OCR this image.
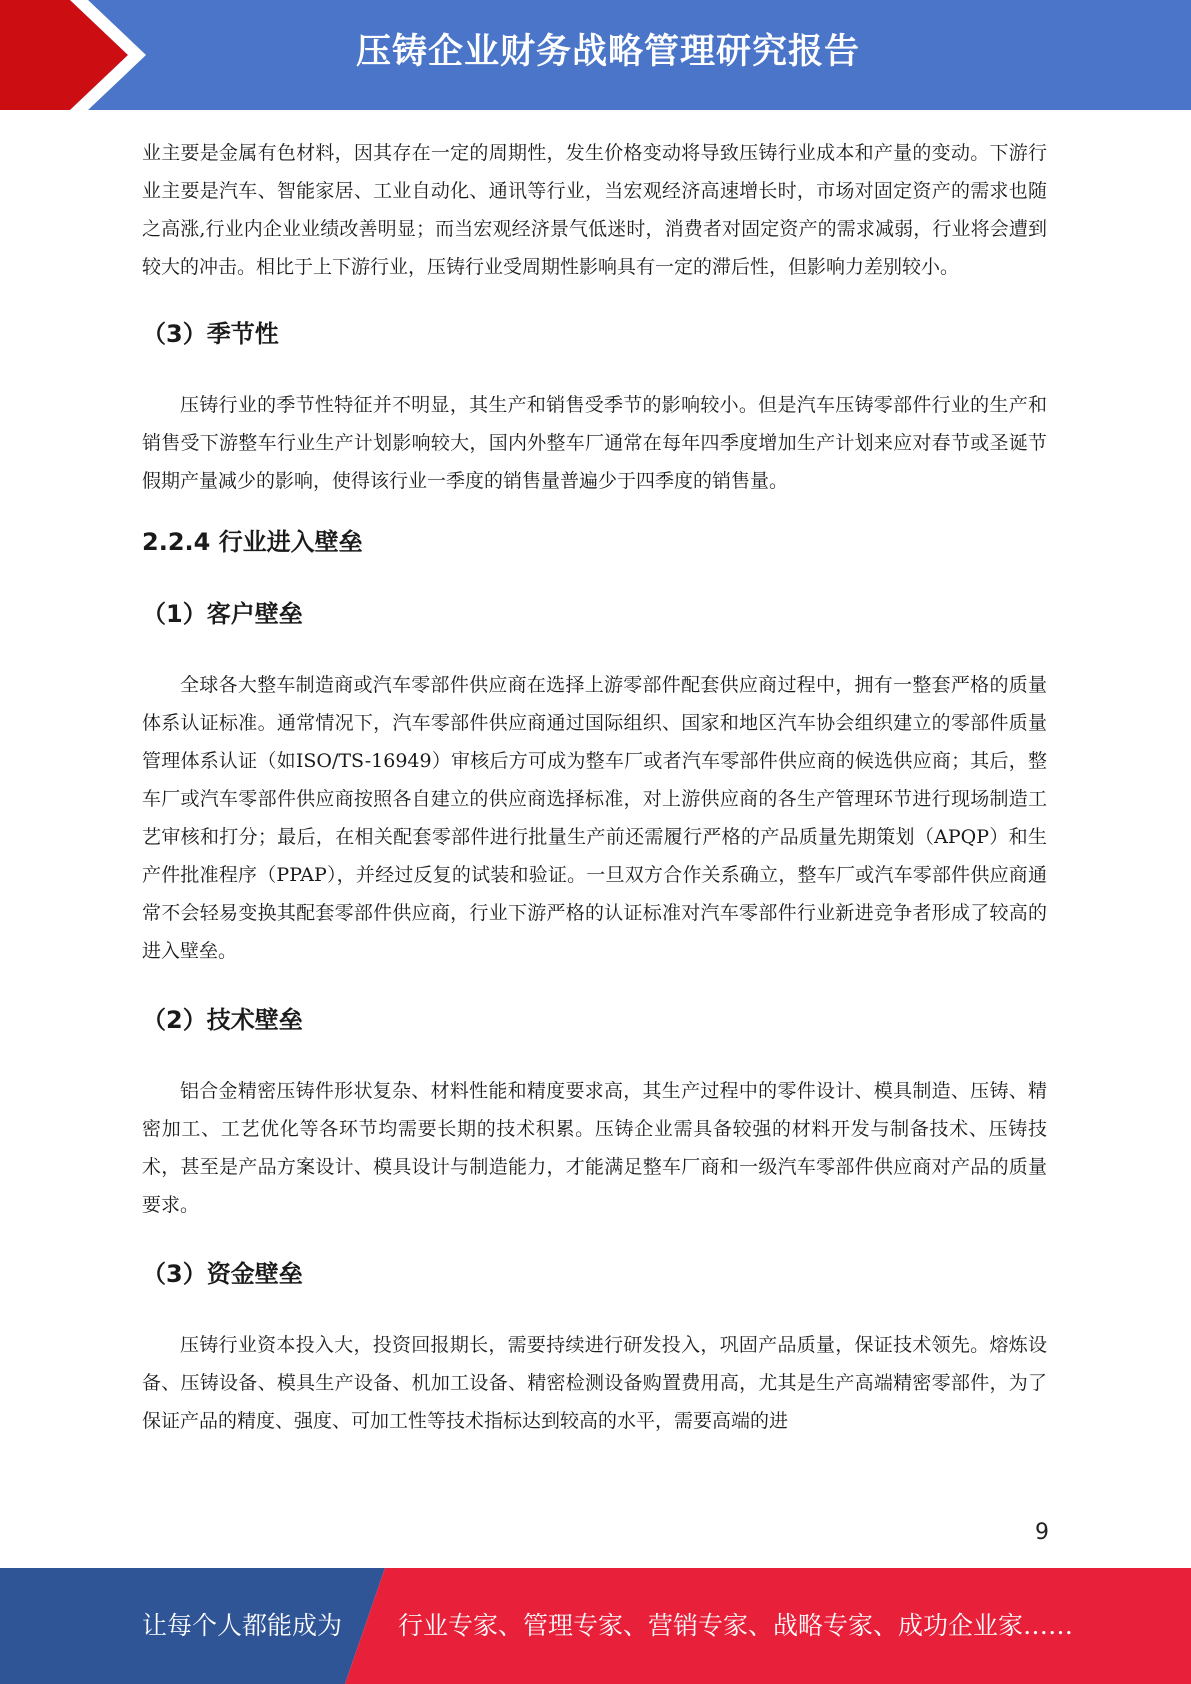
压铸企业财务战略管理研究报告

业主要是金属有色材料，因其存在一定的周期性，发生价格变动将导致压铸行业成本和产量的变动。下游行业主要是汽车、智能家居、工业自动化、通讯等行业，当宏观经济高速增长时，市场对固定资产的需求也随之高涨,行业内企业业绩改善明显；而当宏观经济景气低迷时，消费者对固定资产的需求减弱，行业将会遭到较大的冲击。相比于上下游行业，压铸行业受周期性影响具有一定的滞后性，但影响力差别较小。

（3）季节性

压铸行业的季节性特征并不明显，其生产和销售受季节的影响较小。但是汽车压铸零部件行业的生产和销售受下游整车行业生产计划影响较大，国内外整车厂通常在每年四季度增加生产计划来应对春节或圣诞节假期产量减少的影响，使得该行业一季度的销售量普遍少于四季度的销售量。

2.2.4 行业进入壁垒
（1）客户壁垒

全球各大整车制造商或汽车零部件供应商在选择上游零部件配套供应商过程中，拥有一整套严格的质量体系认证标准。通常情况下，汽车零部件供应商通过国际组织、国家和地区汽车协会组织建立的零部件质量管理体系认证（如ISO/TS-16949）审核后方可成为整车厂或者汽车零部件供应商的候选供应商；其后，整车厂或汽车零部件供应商按照各自建立的供应商选择标准，对上游供应商的各生产管理环节进行现场制造工艺审核和打分；最后，在相关配套零部件进行批量生产前还需履行严格的产品质量先期策划（APQP）和生产件批准程序（PPAP），并经过反复的试装和验证。一旦双方合作关系确立，整车厂或汽车零部件供应商通常不会轻易变换其配套零部件供应商，行业下游严格的认证标准对汽车零部件行业新进竞争者形成了较高的进入壁垒。

（2）技术壁垒

铝合金精密压铸件形状复杂、材料性能和精度要求高，其生产过程中的零件设计、模具制造、压铸、精密加工、工艺优化等各环节均需要长期的技术积累。压铸企业需具备较强的材料开发与制备技术、压铸技术，甚至是产品方案设计、模具设计与制造能力，才能满足整车厂商和一级汽车零部件供应商对产品的质量要求。

（3）资金壁垒

压铸行业资本投入大，投资回报期长，需要持续进行研发投入，巩固产品质量，保证技术领先。熔炼设备、压铸设备、模具生产设备、机加工设备、精密检测设备购置费用高，尤其是生产高端精密零部件，为了保证产品的精度、强度、可加工性等技术指标达到较高的水平，需要高端的进

9
让每个人都能成为 行业专家、管理专家、营销专家、战略专家、成功企业家……
